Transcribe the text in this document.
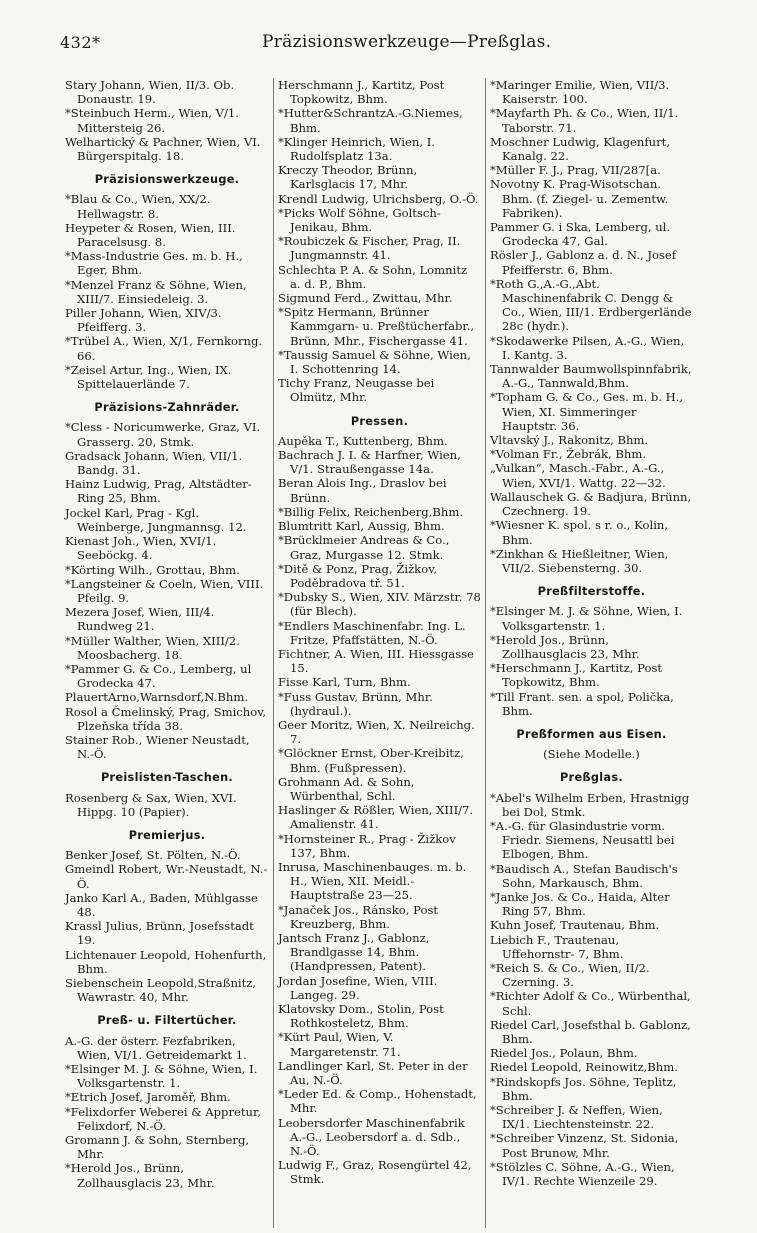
432*	Präzisionswerkzeuge—Preßglas.
Stary Johann, Wien, II/3. Ob. Donaustr. 19.
*Steinbuch Herm., Wien, V/1. Mittersteig 26.
Welhartický & Pachner, Wien, VI. Bürgerspitalg. 18.
Präzisionswerkzeuge.
*Blau & Co., Wien, XX/2. Hellwagstr. 8.
Heypeter & Rosen, Wien, III. Paracelsusg. 8.
*Mass-Industrie Ges. m. b. H., Eger, Bhm.
*Menzel Franz & Söhne, Wien, XIII/7. Einsiedeleig. 3.
Piller Johann, Wien, XIV/3. Pfeifferg. 3.
*Trübel A., Wien, X/1, Fernkorng. 66.
*Zeisel Artur, Ing., Wien, IX. Spittelauerlände 7.
Präzisions-Zahnräder.
*Cless - Noricumwerke, Graz, VI. Grasserg. 20, Stmk.
Gradsack Johann, Wien, VII/1. Bandg. 31.
Hainz Ludwig, Prag, Altstädter-Ring 25, Bhm.
Jockel Karl, Prag - Kgl. Weinberge, Jungmannsg. 12.
Kienast Joh., Wien, XVI/1. Seeböckg. 4.
*Körting Wilh., Grottau, Bhm.
*Langsteiner & Coeln, Wien, VIII. Pfeilg. 9.
Mezera Josef, Wien, III/4. Rundweg 21.
*Müller Walther, Wien, XIII/2. Moosbacherg. 18.
*Pammer G. & Co., Lemberg, ul Grodecka 47.
PlauertArno,Warnsdorf,N.Bhm.
Rosol a Čmelinský, Prag, Smichov, Plzeňska třída 38.
Stainer Rob., Wiener Neustadt, N.-Ö.
Preislisten-Taschen.
Rosenberg & Sax, Wien, XVI. Hippg. 10 (Papier).
Premierjus.
Benker Josef, St. Pölten, N.-Ö.
Gmeindl Robert, Wr.-Neustadt, N.-Ö.
Janko Karl A., Baden, Mühlgasse 48.
Krassl Julius, Brünn, Josefsstadt 19.
Lichtenauer Leopold, Hohenfurth, Bhm.
Siebenschein Leopold,Straßnitz, Wawrastr. 40, Mhr.
Preß- u. Filtertücher.
A.-G. der österr. Fezfabriken, Wien, VI/1. Getreidemarkt 1.
*Elsinger M. J. & Söhne, Wien, I. Volksgartenstr. 1.
*Etrich Josef, Jaroměř, Bhm.
*Felixdorfer Weberei & Appretur, Felixdorf, N.-Ö.
Gromann J. & Sohn, Sternberg, Mhr.
*Herold Jos., Brünn, Zollhausglacis 23, Mhr.
Herschmann J., Kartitz, Post Topkowitz, Bhm.
*Hutter&SchrantzA.-G.Niemes, Bhm.
*Klinger Heinrich, Wien, I. Rudolfsplatz 13a.
Kreczy Theodor, Brünn, Karlsglacis 17, Mhr.
Krendl Ludwig, Ulrichsberg, O.-Ö.
*Picks Wolf Söhne, Goltsch-Jenikau, Bhm.
*Roubiczek & Fischer, Prag, II. Jungmannstr. 41.
Schlechta P. A. & Sohn, Lomnitz a. d. P., Bhm.
Sigmund Ferd., Zwittau, Mhr.
*Spitz Hermann, Brünner Kammgarn- u. Preßtücherfabr., Brünn, Mhr., Fischergasse 41.
*Taussig Samuel & Söhne, Wien, I. Schottenring 14.
Tichy Franz, Neugasse bei Olmütz, Mhr.
Pressen.
Aupěka T., Kuttenberg, Bhm.
Bachrach J. I. & Harfner, Wien, V/1. Straußengasse 14a.
Beran Alois Ing., Draslov bei Brünn.
*Billig Felix, Reichenberg,Bhm.
Blumtritt Karl, Aussig, Bhm.
*Brücklmeier Andreas & Co., Graz, Murgasse 12. Stmk.
*Ditě & Ponz, Prag, Žižkov, Poděbradova tř. 51.
*Dubsky S., Wien, XIV. Märzstr. 78 (für Blech).
*Endlers Maschinenfabr. Ing. L. Fritze, Pfaffstätten, N.-Ö.
Fichtner, A. Wien, III. Hiessgasse 15.
Fisse Karl, Turn, Bhm.
*Fuss Gustav, Brünn, Mhr. (hydraul.).
Geer Moritz, Wien, X. Neilreichg. 7.
*Glöckner Ernst, Ober-Kreibitz, Bhm. (Fußpressen).
Grohmann Ad. & Sohn, Würbenthal, Schl.
Haslinger & Rößler, Wien, XIII/7. Amalienstr. 41.
*Hornsteiner R., Prag - Žižkov 137, Bhm.
Inrusa, Maschinenbauges. m. b. H., Wien, XII. Meidl.-Hauptstraße 23—25.
*Janaček Jos., Ránsko, Post Kreuzberg, Bhm.
Jantsch Franz J., Gablonz, Brandlgasse 14, Bhm. (Handpressen, Patent).
Jordan Josefine, Wien, VIII. Langeg. 29.
Klatovsky Dom., Stolin, Post Rothkosteletz, Bhm.
*Kürt Paul, Wien, V. Margaretenstr. 71.
Landlinger Karl, St. Peter in der Au, N.-Ö.
*Leder Ed. & Comp., Hohenstadt, Mhr.
Leobersdorfer Maschinenfabrik A.-G., Leobersdorf a. d. Sdb., N.-Ö.
Ludwig F., Graz, Rosengürtel 42, Stmk.
*Maringer Emilie, Wien, VII/3. Kaiserstr. 100.
*Mayfarth Ph. & Co., Wien, II/1. Taborstr. 71.
Moschner Ludwig, Klagenfurt, Kanalg. 22.
*Müller F. J., Prag, VII/287[a.
Novotny K. Prag-Wisotschan. Bhm. (f. Ziegel- u. Zementw. Fabriken).
Pammer G. i Ska, Lemberg, ul. Grodecka 47, Gal.
Rösler J., Gablonz a. d. N., Josef Pfeifferstr. 6, Bhm.
*Roth G.,A.-G.,Abt. Maschinenfabrik C. Dengg & Co., Wien, III/1. Erdbergerlände 28c (hydr.).
*Skodawerke Pilsen, A.-G., Wien, I. Kantg. 3.
Tannwalder Baumwollspinnfabrik, A.-G., Tannwald,Bhm.
*Topham G. & Co., Ges. m. b. H., Wien, XI. Simmeringer Hauptstr. 36.
Vltavský J., Rakonitz, Bhm.
*Volman Fr., Žebrák, Bhm.
„Vulkan“, Masch.-Fabr., A.-G., Wien, XVI/1. Wattg. 22—32.
Wallauschek G. & Badjura, Brünn, Czechnerg. 19.
*Wiesner K. spol. s r. o., Kolin, Bhm.
*Zinkhan & Hießleitner, Wien, VII/2. Siebensterng. 30.
Preßfilterstoffe.
*Elsinger M. J. & Söhne, Wien, I. Volksgartenstr. 1.
*Herold Jos., Brünn, Zollhausglacis 23, Mhr.
*Herschmann J., Kartitz, Post Topkowitz, Bhm.
*Till Frant. sen. a spol, Polička, Bhm.
Preßformen aus Eisen.
(Siehe Modelle.)
Preßglas.
*Abel's Wilhelm Erben, Hrastnigg bei Dol, Stmk.
*A.-G. für Glasindustrie vorm. Friedr. Siemens, Neusattl bei Elbogen, Bhm.
*Baudisch A., Stefan Baudisch's Sohn, Markausch, Bhm.
*Janke Jos. & Co., Haida, Alter Ring 57, Bhm.
Kuhn Josef, Trautenau, Bhm.
Liebich F., Trautenau, Uffehornstr- 7, Bhm.
*Reich S. & Co., Wien, II/2. Czerning. 3.
*Richter Adolf & Co., Würbenthal, Schl.
Riedel Carl, Josefsthal b. Gablonz, Bhm.
Riedel Jos., Polaun, Bhm.
Riedel Leopold, Reinowitz,Bhm.
*Rindskopfs Jos. Söhne, Teplitz, Bhm.
*Schreiber J. & Neffen, Wien, IX/1. Liechtensteinstr. 22.
*Schreiber Vinzenz, St. Sidonia, Post Brunow, Mhr.
*Stölzles C. Söhne, A.-G., Wien, IV/1. Rechte Wienzeile 29.
